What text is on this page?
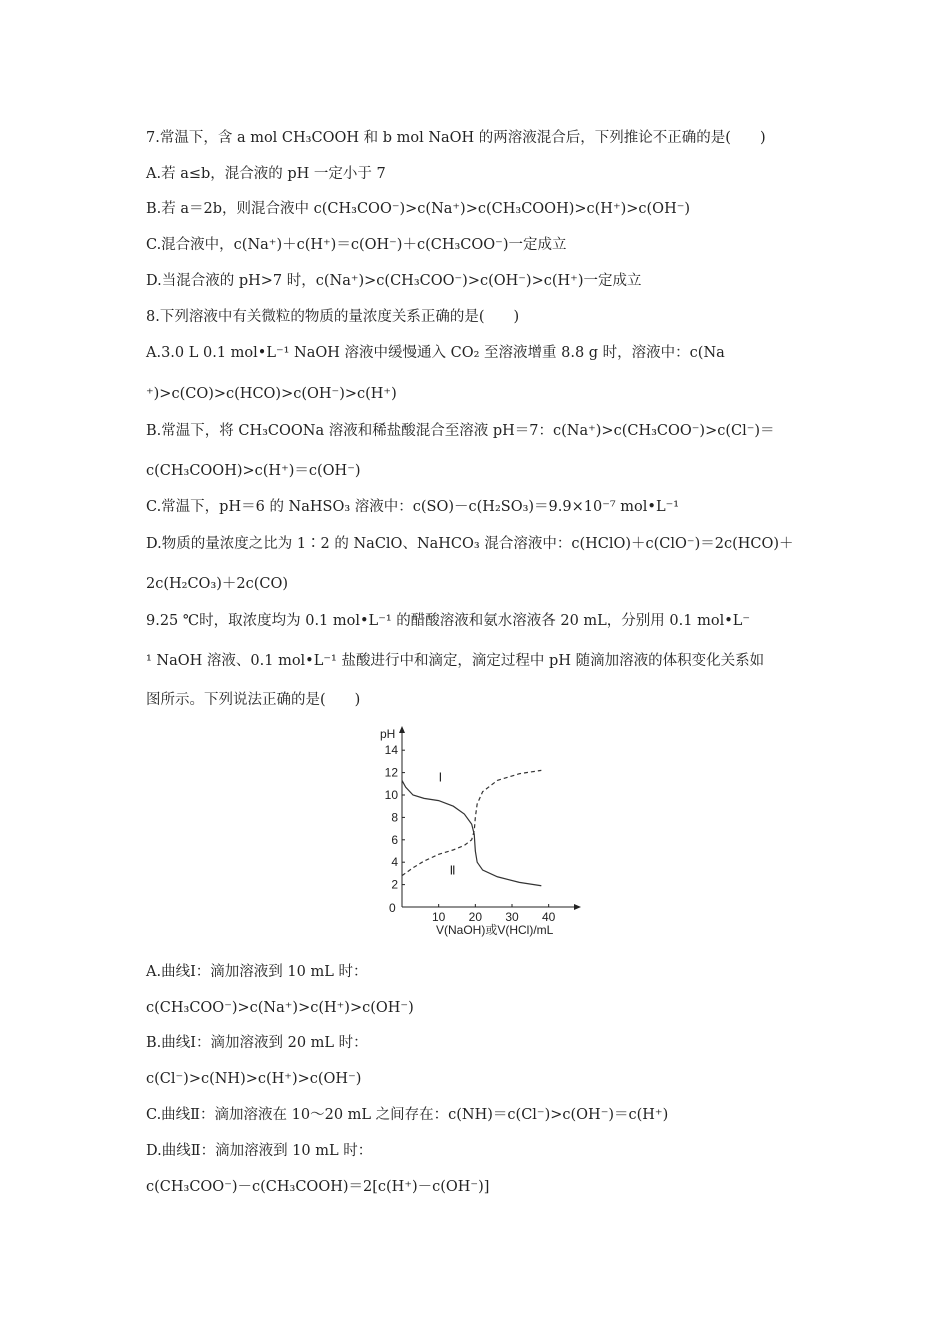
7.常温下，含 a mol CH₃COOH 和 b mol NaOH 的两溶液混合后，下列推论不正确的是(　　)
A.若 a≤b，混合液的 pH 一定小于 7
B.若 a＝2b，则混合液中 c(CH₃COO⁻)>c(Na⁺)>c(CH₃COOH)>c(H⁺)>c(OH⁻)
C.混合液中，c(Na⁺)＋c(H⁺)＝c(OH⁻)＋c(CH₃COO⁻)一定成立
D.当混合液的 pH>7 时，c(Na⁺)>c(CH₃COO⁻)>c(OH⁻)>c(H⁺)一定成立
8.下列溶液中有关微粒的物质的量浓度关系正确的是(　　)
A.3.0 L 0.1 mol•L⁻¹ NaOH 溶液中缓慢通入 CO₂ 至溶液增重 8.8 g 时，溶液中：c(Na
⁺)>c(CO)>c(HCO)>c(OH⁻)>c(H⁺)
B.常温下，将 CH₃COONa 溶液和稀盐酸混合至溶液 pH＝7：c(Na⁺)>c(CH₃COO⁻)>c(Cl⁻)＝
c(CH₃COOH)>c(H⁺)＝c(OH⁻)
C.常温下，pH＝6 的 NaHSO₃ 溶液中：c(SO)－c(H₂SO₃)＝9.9×10⁻⁷ mol•L⁻¹
D.物质的量浓度之比为 1∶2 的 NaClO、NaHCO₃ 混合溶液中：c(HClO)＋c(ClO⁻)＝2c(HCO)＋
2c(H₂CO₃)＋2c(CO)
9.25 ℃时，取浓度均为 0.1 mol•L⁻¹ 的醋酸溶液和氨水溶液各 20 mL，分别用 0.1 mol•L⁻
¹ NaOH 溶液、0.1 mol•L⁻¹ 盐酸进行中和滴定，滴定过程中 pH 随滴加溶液的体积变化关系如
图所示。下列说法正确的是(　　)
0
10 20 30 40
2
4
6
8
10
12
14
Ⅰ
Ⅱ
pH
V(NaOH)或V(HCl)/mL
A.曲线Ⅰ：滴加溶液到 10 mL 时：
c(CH₃COO⁻)>c(Na⁺)>c(H⁺)>c(OH⁻)
B.曲线Ⅰ：滴加溶液到 20 mL 时：
c(Cl⁻)>c(NH)>c(H⁺)>c(OH⁻)
C.曲线Ⅱ：滴加溶液在 10～20 mL 之间存在：c(NH)＝c(Cl⁻)>c(OH⁻)＝c(H⁺)
D.曲线Ⅱ：滴加溶液到 10 mL 时：
c(CH₃COO⁻)－c(CH₃COOH)＝2[c(H⁺)－c(OH⁻)]
